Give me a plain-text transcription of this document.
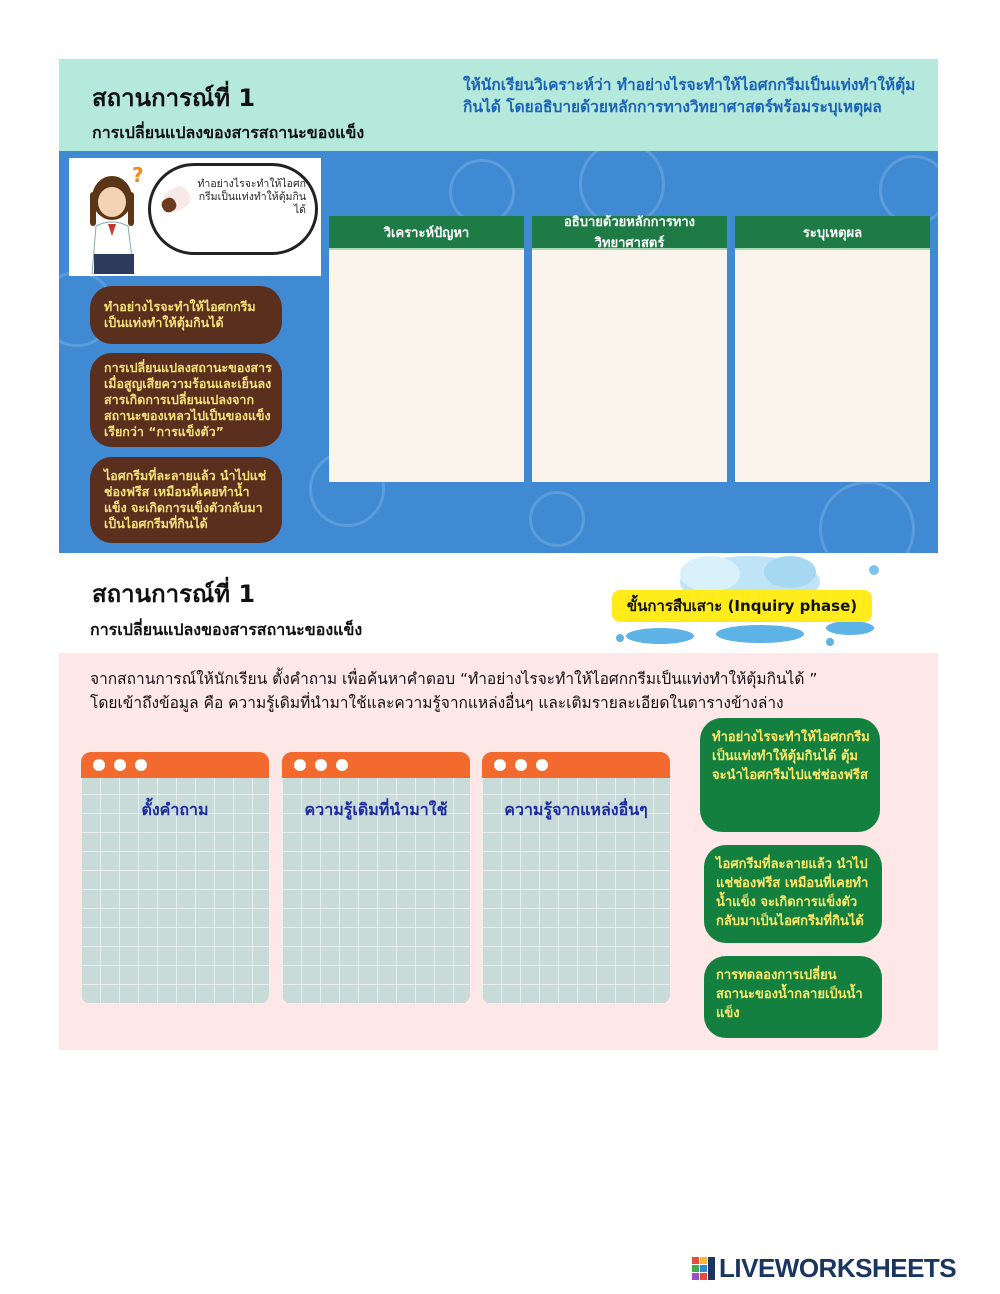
สถานการณ์ที่ 1
การเปลี่ยนแปลงของสารสถานะของแข็ง
ให้นักเรียนวิเคราะห์ว่า ทำอย่างไรจะทำให้ไอศกกรีมเป็นแท่งทำให้ตุ้มกินได้ โดยอธิบายด้วยหลักการทางวิทยาศาสตร์พร้อมระบุเหตุผล
?	ทำอย่างไรจะทำให้ไอศกกรีมเป็นแท่งทำให้ตุ้มกินได้
ทำอย่างไรจะทำให้ไอศกกรีมเป็นแท่งทำให้ตุ้มกินได้
การเปลี่ยนแปลงสถานะของสารเมื่อสูญเสียความร้อนและเย็นลง สารเกิดการเปลี่ยนแปลงจากสถานะของเหลวไปเป็นของแข็ง เรียกว่า “การแข็งตัว”
ไอศกรีมที่ละลายแล้ว นำไปแช่ช่องฟรีส เหมือนที่เคยทำน้ำแข็ง จะเกิดการแข็งตัวกลับมาเป็นไอศกรีมที่กินได้
วิเคราะห์ปัญหา
อธิบายด้วยหลักการทางวิทยาศาสตร์
ระบุเหตุผล
สถานการณ์ที่ 1
การเปลี่ยนแปลงของสารสถานะของแข็ง
ขั้นการสืบเสาะ (Inquiry phase)
จากสถานการณ์ให้นักเรียน ตั้งคำถาม เพื่อค้นหาคำตอบ “ทำอย่างไรจะทำให้ไอศกกรีมเป็นแท่งทำให้ตุ้มกินได้ ”
โดยเข้าถึงข้อมูล คือ ความรู้เดิมที่นำมาใช้และความรู้จากแหล่งอื่นๆ และเติมรายละเอียดในตารางข้างล่าง
ตั้งคำถาม	ความรู้เดิมที่นำมาใช้	ความรู้จากแหล่งอื่นๆ
ทำอย่างไรจะทำให้ไอศกกรีมเป็นแท่งทำให้ตุ้มกินได้ ตุ้มจะนำไอศกรีมไปแช่ช่องฟรีส
ไอศกรีมที่ละลายแล้ว นำไปแช่ช่องฟรีส เหมือนที่เคยทำน้ำแข็ง จะเกิดการแข็งตัวกลับมาเป็นไอศกรีมที่กินได้
การทดลองการเปลี่ยนสถานะของน้ำกลายเป็นน้ำแข็ง
LIVEWORKSHEETS
